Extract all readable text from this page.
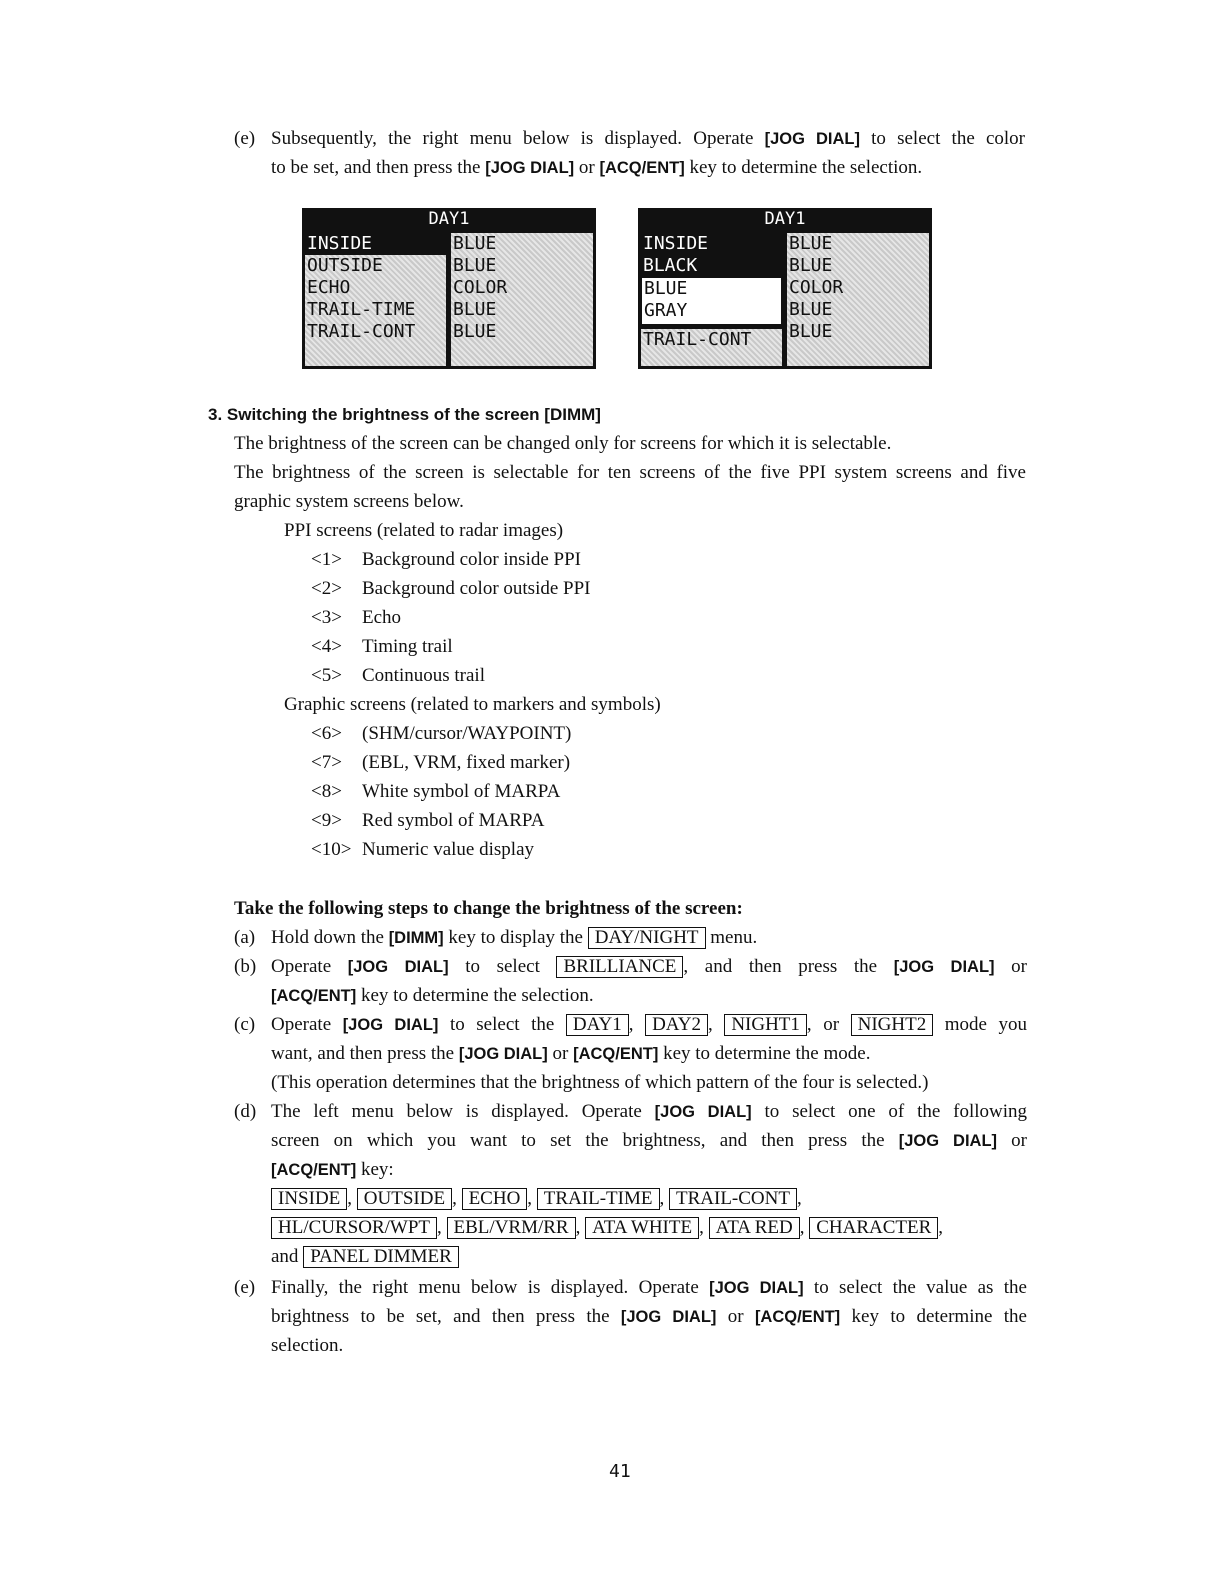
(e) Subsequently, the right menu below is displayed. Operate [JOG DIAL] to select the color
to be set, and then press the [JOG DIAL] or [ACQ/ENT] key to determine the selection.
DAY1
INSIDE
OUTSIDE
ECHO
TRAIL-TIME
TRAIL-CONT
BLUE
BLUE
COLOR
BLUE
BLUE
DAY1
INSIDE
BLACK
BLUE
GRAY
TRAIL-CONT
BLUE
BLUE
COLOR
BLUE
BLUE
3. Switching the brightness of the screen [DIMM]
The brightness of the screen can be changed only for screens for which it is selectable.
The brightness of the screen is selectable for ten screens of the five PPI system screens and five
graphic system screens below.
PPI screens (related to radar images)
<1> Background color inside PPI
<2> Background color outside PPI
<3> Echo
<4> Timing trail
<5> Continuous trail
Graphic screens (related to markers and symbols)
<6> (SHM/cursor/WAYPOINT)
<7> (EBL, VRM, fixed marker)
<8> White symbol of MARPA
<9> Red symbol of MARPA
<10> Numeric value display
Take the following steps to change the brightness of the screen:
(a) Hold down the [DIMM] key to display the DAY/NIGHT menu.
(b) Operate [JOG DIAL] to select BRILLIANCE , and then press the [JOG DIAL] or
[ACQ/ENT] key to determine the selection.
(c) Operate [JOG DIAL] to select the DAY1 , DAY2 , NIGHT1 , or NIGHT2 mode you
want, and then press the [JOG DIAL] or [ACQ/ENT] key to determine the mode.
(This operation determines that the brightness of which pattern of the four is selected.)
(d) The left menu below is displayed. Operate [JOG DIAL] to select one of the following
screen on which you want to set the brightness, and then press the [JOG DIAL] or
[ACQ/ENT] key:
INSIDE , OUTSIDE , ECHO , TRAIL-TIME , TRAIL-CONT ,
HL/CURSOR/WPT , EBL/VRM/RR , ATA WHITE , ATA RED , CHARACTER ,
and PANEL DIMMER
(e) Finally, the right menu below is displayed. Operate [JOG DIAL] to select the value as the
brightness to be set, and then press the [JOG DIAL] or [ACQ/ENT] key to determine the
selection.
41
